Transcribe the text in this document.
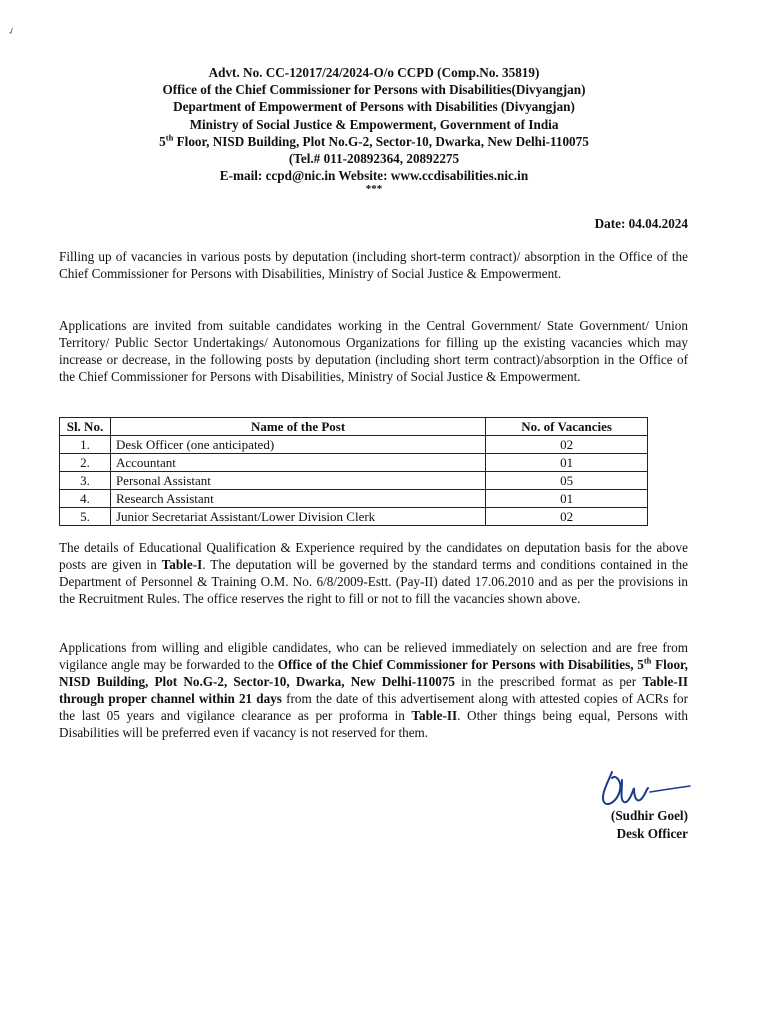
✓
Advt. No. CC-12017/24/2024-O/o CCPD (Comp.No. 35819)
Office of the Chief Commissioner for Persons with Disabilities(Divyangjan)
Department of Empowerment of Persons with Disabilities (Divyangjan)
Ministry of Social Justice & Empowerment, Government of India
5th Floor, NISD Building, Plot No.G-2, Sector-10, Dwarka, New Delhi-110075
(Tel.# 011-20892364, 20892275
E-mail: ccpd@nic.in Website: www.ccdisabilities.nic.in
***
Date: 04.04.2024
Filling up of vacancies in various posts by deputation (including short-term contract)/ absorption in the Office of the Chief Commissioner for Persons with Disabilities, Ministry of Social Justice & Empowerment.
Applications are invited from suitable candidates working in the Central Government/ State Government/ Union Territory/ Public Sector Undertakings/ Autonomous Organizations for filling up the existing vacancies which may increase or decrease, in the following posts by deputation (including short term contract)/absorption in the Office of the Chief Commissioner for Persons with Disabilities, Ministry of Social Justice & Empowerment.
Sl. No.	Name of the Post	No. of Vacancies
1.	Desk Officer (one anticipated)	02
2.	Accountant	01
3.	Personal Assistant	05
4.	Research Assistant	01
5.	Junior Secretariat Assistant/Lower Division Clerk	02
The details of Educational Qualification & Experience required by the candidates on deputation basis for the above posts are given in Table-I. The deputation will be governed by the standard terms and conditions contained in the Department of Personnel & Training O.M. No. 6/8/2009-Estt. (Pay-II) dated 17.06.2010 and as per the provisions in the Recruitment Rules. The office reserves the right to fill or not to fill the vacancies shown above.
Applications from willing and eligible candidates, who can be relieved immediately on selection and are free from vigilance angle may be forwarded to the Office of the Chief Commissioner for Persons with Disabilities, 5th Floor, NISD Building, Plot No.G-2, Sector-10, Dwarka, New Delhi-110075 in the prescribed format as per Table-II through proper channel within 21 days from the date of this advertisement along with attested copies of ACRs for the last 05 years and vigilance clearance as per proforma in Table-II. Other things being equal, Persons with Disabilities will be preferred even if vacancy is not reserved for them.
(Sudhir Goel)
Desk Officer
